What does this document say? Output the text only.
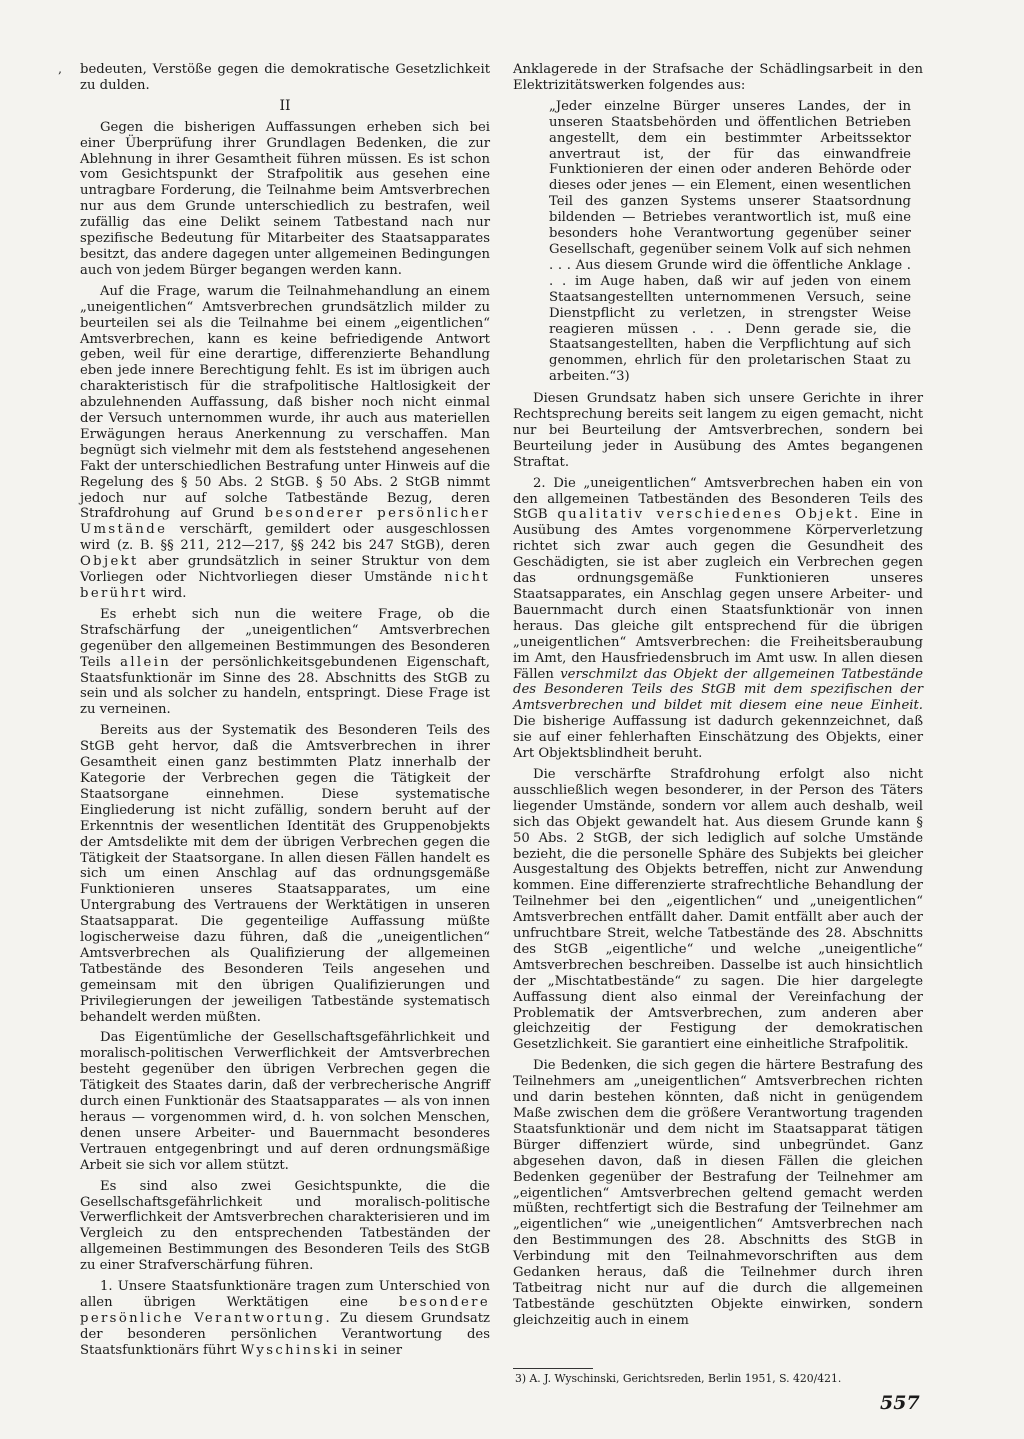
‚ bedeuten, Verstöße gegen die demokratische Gesetzlichkeit zu dulden.

II

Gegen die bisherigen Auffassungen erheben sich bei einer Überprüfung ihrer Grundlagen Bedenken, die zur Ablehnung in ihrer Gesamtheit führen müssen. Es ist schon vom Gesichtspunkt der Strafpolitik aus gesehen eine untragbare Forderung, die Teilnahme beim Amtsverbrechen nur aus dem Grunde unterschiedlich zu bestrafen, weil zufällig das eine Delikt seinem Tatbestand nach nur spezifische Bedeutung für Mitarbeiter des Staatsapparates besitzt, das andere dagegen unter allgemeinen Bedingungen auch von jedem Bürger begangen werden kann.

Auf die Frage, warum die Teilnahmehandlung an einem „uneigentlichen“ Amtsverbrechen grundsätzlich milder zu beurteilen sei als die Teilnahme bei einem „eigentlichen“ Amtsverbrechen, kann es keine befriedigende Antwort geben, weil für eine derartige, differenzierte Behandlung eben jede innere Berechtigung fehlt. Es ist im übrigen auch charakteristisch für die strafpolitische Haltlosigkeit der abzulehnenden Auffassung, daß bisher noch nicht einmal der Versuch unternommen wurde, ihr auch aus materiellen Erwägungen heraus Anerkennung zu verschaffen. Man begnügt sich vielmehr mit dem als feststehend angesehenen Fakt der unterschiedlichen Bestrafung unter Hinweis auf die Regelung des § 50 Abs. 2 StGB. § 50 Abs. 2 StGB nimmt jedoch nur auf solche Tatbestände Bezug, deren Strafdrohung auf Grund besonderer persönlicher Umstände verschärft, gemildert oder ausgeschlossen wird (z. B. §§ 211, 212—217, §§ 242 bis 247 StGB), deren Objekt aber grundsätzlich in seiner Struktur von dem Vorliegen oder Nichtvorliegen dieser Umstände nicht berührt wird.

Es erhebt sich nun die weitere Frage, ob die Strafschärfung der „uneigentlichen“ Amtsverbrechen gegenüber den allgemeinen Bestimmungen des Besonderen Teils allein der persönlichkeitsgebundenen Eigenschaft, Staatsfunktionär im Sinne des 28. Abschnitts des StGB zu sein und als solcher zu handeln, entspringt. Diese Frage ist zu verneinen.

Bereits aus der Systematik des Besonderen Teils des StGB geht hervor, daß die Amtsverbrechen in ihrer Gesamtheit einen ganz bestimmten Platz innerhalb der Kategorie der Verbrechen gegen die Tätigkeit der Staatsorgane einnehmen. Diese systematische Eingliederung ist nicht zufällig, sondern beruht auf der Erkenntnis der wesentlichen Identität des Gruppenobjekts der Amtsdelikte mit dem der übrigen Verbrechen gegen die Tätigkeit der Staatsorgane. In allen diesen Fällen handelt es sich um einen Anschlag auf das ordnungsgemäße Funktionieren unseres Staatsapparates, um eine Untergrabung des Vertrauens der Werktätigen in unseren Staatsapparat. Die gegenteilige Auffassung müßte logischerweise dazu führen, daß die „uneigentlichen“ Amtsverbrechen als Qualifizierung der allgemeinen Tatbestände des Besonderen Teils angesehen und gemeinsam mit den übrigen Qualifizierungen und Privilegierungen der jeweiligen Tatbestände systematisch behandelt werden müßten.

Das Eigentümliche der Gesellschaftsgefährlichkeit und moralisch-politischen Verwerflichkeit der Amtsverbrechen besteht gegenüber den übrigen Verbrechen gegen die Tätigkeit des Staates darin, daß der verbrecherische Angriff durch einen Funktionär des Staatsapparates — als von innen heraus — vorgenommen wird, d. h. von solchen Menschen, denen unsere Arbeiter- und Bauernmacht besonderes Vertrauen entgegenbringt und auf deren ordnungsmäßige Arbeit sie sich vor allem stützt.

Es sind also zwei Gesichtspunkte, die die Gesellschaftsgefährlichkeit und moralisch-politische Verwerflichkeit der Amtsverbrechen charakterisieren und im Vergleich zu den entsprechenden Tatbeständen der allgemeinen Bestimmungen des Besonderen Teils des StGB zu einer Strafverschärfung führen.

1. Unsere Staatsfunktionäre tragen zum Unterschied von allen übrigen Werktätigen eine besondere persönliche Verantwortung. Zu diesem Grundsatz der besonderen persönlichen Verantwortung des Staatsfunktionärs führt Wyschinski in seiner

Anklagerede in der Strafsache der Schädlingsarbeit in den Elektrizitätswerken folgendes aus:

„Jeder einzelne Bürger unseres Landes, der in unseren Staatsbehörden und öffentlichen Betrieben angestellt, dem ein bestimmter Arbeitssektor anvertraut ist, der für das einwandfreie Funktionieren der einen oder anderen Behörde oder dieses oder jenes — ein Element, einen wesentlichen Teil des ganzen Systems unserer Staatsordnung bildenden — Betriebes verantwortlich ist, muß eine besonders hohe Verantwortung gegenüber seiner Gesellschaft, gegenüber seinem Volk auf sich nehmen . . . Aus diesem Grunde wird die öffentliche Anklage . . . im Auge haben, daß wir auf jeden von einem Staatsangestellten unternommenen Versuch, seine Dienstpflicht zu verletzen, in strengster Weise reagieren müssen . . . Denn gerade sie, die Staatsangestellten, haben die Verpflichtung auf sich genommen, ehrlich für den proletarischen Staat zu arbeiten.“3)

Diesen Grundsatz haben sich unsere Gerichte in ihrer Rechtsprechung bereits seit langem zu eigen gemacht, nicht nur bei Beurteilung der Amtsverbrechen, sondern bei Beurteilung jeder in Ausübung des Amtes begangenen Straftat.

2. Die „uneigentlichen“ Amtsverbrechen haben ein von den allgemeinen Tatbeständen des Besonderen Teils des StGB qualitativ verschiedenes Objekt. Eine in Ausübung des Amtes vorgenommene Körperverletzung richtet sich zwar auch gegen die Gesundheit des Geschädigten, sie ist aber zugleich ein Verbrechen gegen das ordnungsgemäße Funktionieren unseres Staatsapparates, ein Anschlag gegen unsere Arbeiter- und Bauernmacht durch einen Staatsfunktionär von innen heraus. Das gleiche gilt entsprechend für die übrigen „uneigentlichen“ Amtsverbrechen: die Freiheitsberaubung im Amt, den Hausfriedensbruch im Amt usw. In allen diesen Fällen verschmilzt das Objekt der allgemeinen Tatbestände des Besonderen Teils des StGB mit dem spezifischen der Amtsverbrechen und bildet mit diesem eine neue Einheit. Die bisherige Auffassung ist dadurch gekennzeichnet, daß sie auf einer fehlerhaften Einschätzung des Objekts, einer Art Objektsblindheit beruht.

Die verschärfte Strafdrohung erfolgt also nicht ausschließlich wegen besonderer, in der Person des Täters liegender Umstände, sondern vor allem auch deshalb, weil sich das Objekt gewandelt hat. Aus diesem Grunde kann § 50 Abs. 2 StGB, der sich lediglich auf solche Umstände bezieht, die die personelle Sphäre des Subjekts bei gleicher Ausgestaltung des Objekts betreffen, nicht zur Anwendung kommen. Eine differenzierte strafrechtliche Behandlung der Teilnehmer bei den „eigentlichen“ und „uneigentlichen“ Amtsverbrechen entfällt daher. Damit entfällt aber auch der unfruchtbare Streit, welche Tatbestände des 28. Abschnitts des StGB „eigentliche“ und welche „uneigentliche“ Amtsverbrechen beschreiben. Dasselbe ist auch hinsichtlich der „Mischtatbestände“ zu sagen. Die hier dargelegte Auffassung dient also einmal der Vereinfachung der Problematik der Amtsverbrechen, zum anderen aber gleichzeitig der Festigung der demokratischen Gesetzlichkeit. Sie garantiert eine einheitliche Strafpolitik.

Die Bedenken, die sich gegen die härtere Bestrafung des Teilnehmers am „uneigentlichen“ Amtsverbrechen richten und darin bestehen könnten, daß nicht in genügendem Maße zwischen dem die größere Verantwortung tragenden Staatsfunktionär und dem nicht im Staatsapparat tätigen Bürger diffenziert würde, sind unbegründet. Ganz abgesehen davon, daß in diesen Fällen die gleichen Bedenken gegenüber der Bestrafung der Teilnehmer am „eigentlichen“ Amtsverbrechen geltend gemacht werden müßten, rechtfertigt sich die Bestrafung der Teilnehmer am „eigentlichen“ wie „uneigentlichen“ Amtsverbrechen nach den Bestimmungen des 28. Abschnitts des StGB in Verbindung mit den Teilnahmevorschriften aus dem Gedanken heraus, daß die Teilnehmer durch ihren Tatbeitrag nicht nur auf die durch die allgemeinen Tatbestände geschützten Objekte einwirken, sondern gleichzeitig auch in einem

3) A. J. Wyschinski, Gerichtsreden, Berlin 1951, S. 420/421.
557
